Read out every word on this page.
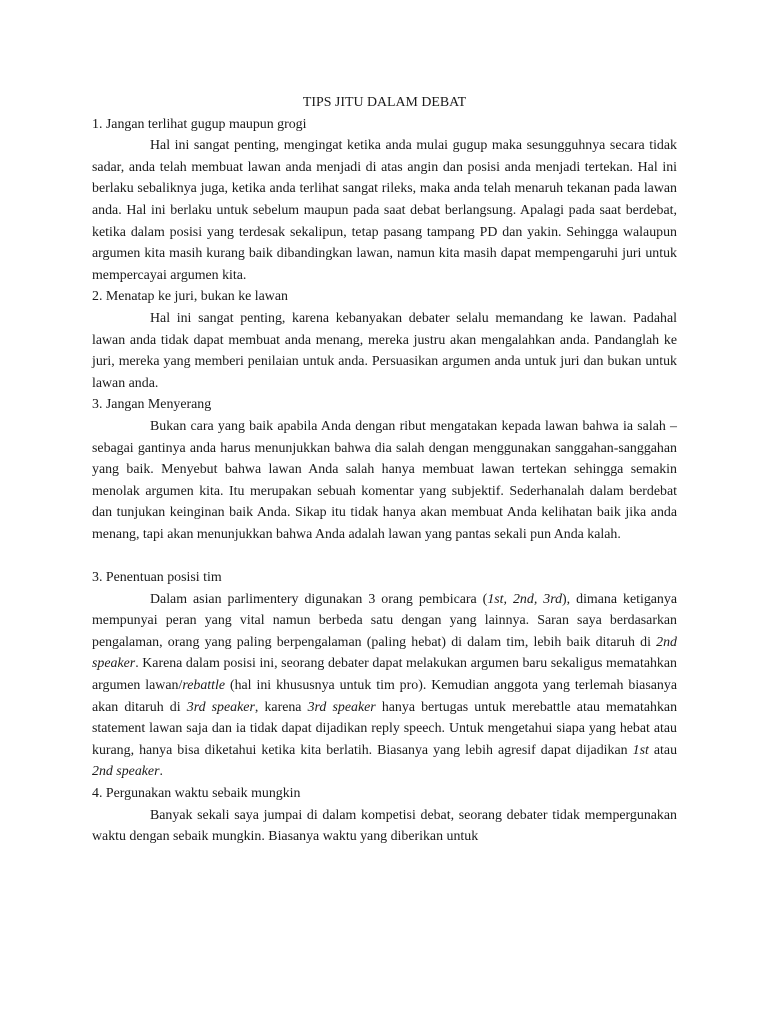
TIPS JITU DALAM DEBAT

1. Jangan terlihat gugup maupun grogi

Hal ini sangat penting, mengingat ketika anda mulai gugup maka sesungguhnya secara tidak sadar, anda telah membuat lawan anda menjadi di atas angin dan posisi anda menjadi tertekan. Hal ini berlaku sebaliknya juga, ketika anda terlihat sangat rileks, maka anda telah menaruh tekanan pada lawan anda. Hal ini berlaku untuk sebelum maupun pada saat debat berlangsung. Apalagi pada saat berdebat, ketika dalam posisi yang terdesak sekalipun, tetap pasang tampang PD dan yakin. Sehingga walaupun argumen kita masih kurang baik dibandingkan lawan, namun kita masih dapat mempengaruhi juri untuk mempercayai argumen kita.

2. Menatap ke juri, bukan ke lawan

Hal ini sangat penting, karena kebanyakan debater selalu memandang ke lawan. Padahal lawan anda tidak dapat membuat anda menang, mereka justru akan mengalahkan anda. Pandanglah ke juri, mereka yang memberi penilaian untuk anda. Persuasikan argumen anda untuk juri dan bukan untuk lawan anda.

3. Jangan Menyerang

Bukan cara yang baik apabila Anda dengan ribut mengatakan kepada lawan bahwa ia salah – sebagai gantinya anda harus menunjukkan bahwa dia salah dengan menggunakan sanggahan-sanggahan yang baik. Menyebut bahwa lawan Anda salah hanya membuat lawan tertekan sehingga semakin menolak argumen kita. Itu merupakan sebuah komentar yang subjektif. Sederhanalah dalam berdebat dan tunjukan keinginan baik Anda. Sikap itu tidak hanya akan membuat Anda kelihatan baik jika anda menang, tapi akan menunjukkan bahwa Anda adalah lawan yang pantas sekali pun Anda kalah.

3. Penentuan posisi tim

Dalam asian parlimentery digunakan 3 orang pembicara (1st, 2nd, 3rd), dimana ketiganya mempunyai peran yang vital namun berbeda satu dengan yang lainnya. Saran saya berdasarkan pengalaman, orang yang paling berpengalaman (paling hebat) di dalam tim, lebih baik ditaruh di 2nd speaker. Karena dalam posisi ini, seorang debater dapat melakukan argumen baru sekaligus mematahkan argumen lawan/rebattle (hal ini khususnya untuk tim pro). Kemudian anggota yang terlemah biasanya akan ditaruh di 3rd speaker, karena 3rd speaker hanya bertugas untuk merebattle atau mematahkan statement lawan saja dan ia tidak dapat dijadikan reply speech. Untuk mengetahui siapa yang hebat atau kurang, hanya bisa diketahui ketika kita berlatih. Biasanya yang lebih agresif dapat dijadikan 1st atau 2nd speaker.

4. Pergunakan waktu sebaik mungkin

Banyak sekali saya jumpai di dalam kompetisi debat, seorang debater tidak mempergunakan waktu dengan sebaik mungkin. Biasanya waktu yang diberikan untuk
